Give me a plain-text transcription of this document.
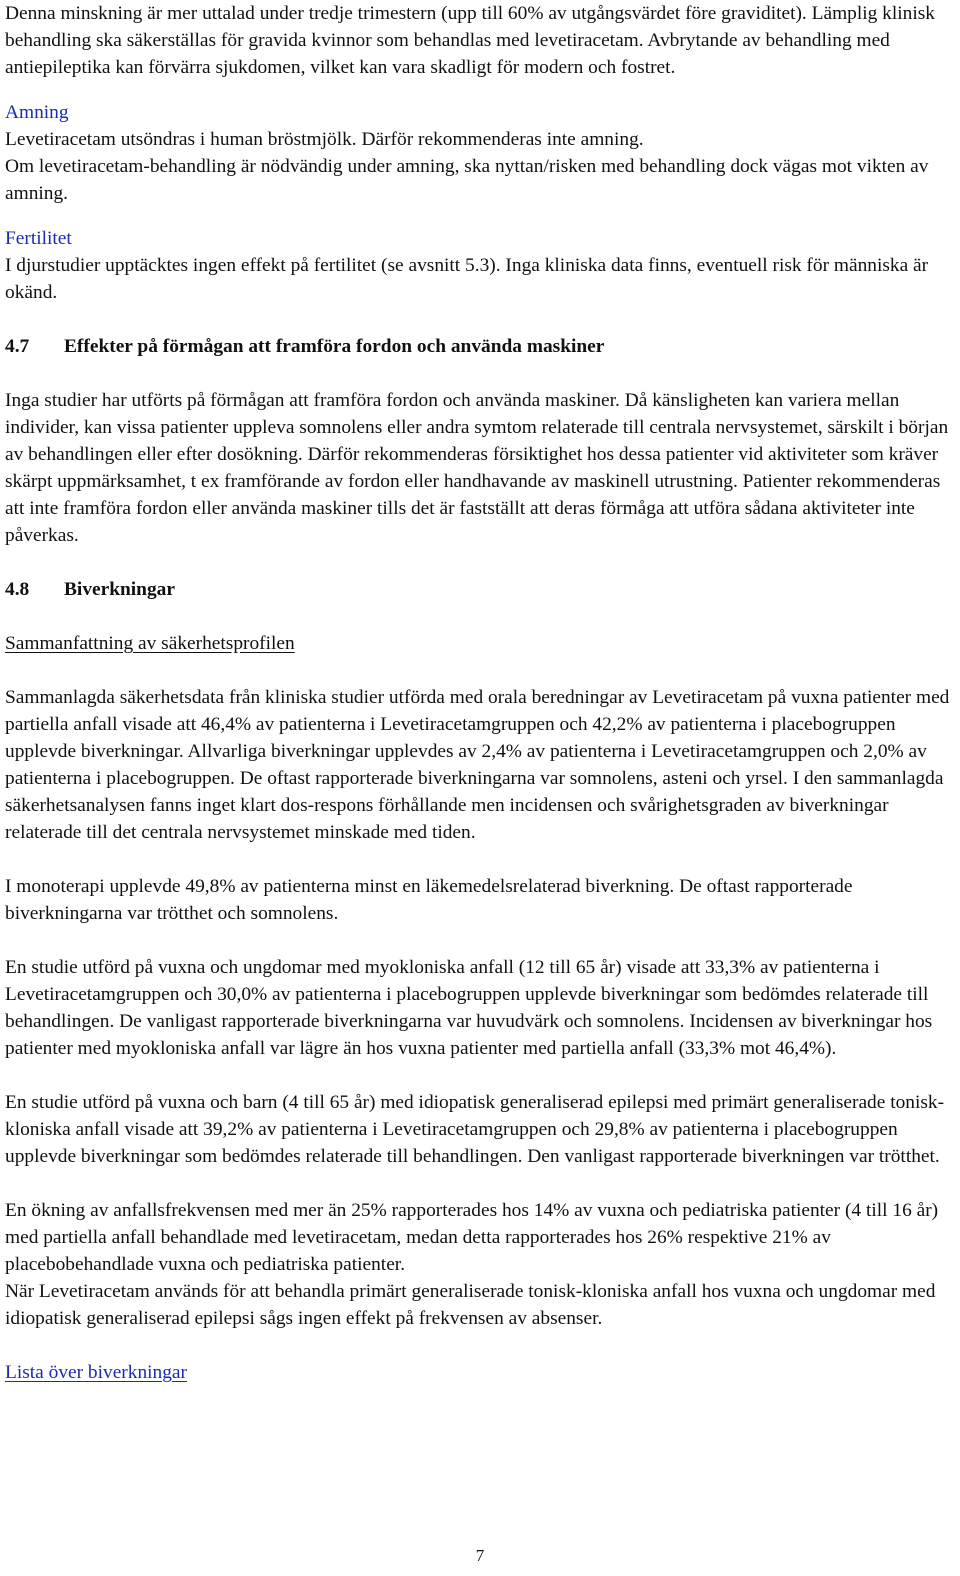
Denna minskning är mer uttalad under tredje trimestern (upp till 60% av utgångsvärdet före graviditet). Lämplig klinisk behandling ska säkerställas för gravida kvinnor som behandlas med levetiracetam. Avbrytande av behandling med antiepileptika kan förvärra sjukdomen, vilket kan vara skadligt för modern och fostret.

Amning

Levetiracetam utsöndras i human bröstmjölk. Därför rekommenderas inte amning.

Om levetiracetam-behandling är nödvändig under amning, ska nyttan/risken med behandling dock vägas mot vikten av amning.

Fertilitet

I djurstudier upptäcktes ingen effekt på fertilitet (se avsnitt 5.3). Inga kliniska data finns, eventuell risk för människa är okänd.

4.7	Effekter på förmågan att framföra fordon och använda maskiner

Inga studier har utförts på förmågan att framföra fordon och använda maskiner. Då känsligheten kan variera mellan individer, kan vissa patienter uppleva somnolens eller andra symtom relaterade till centrala nervsystemet, särskilt i början av behandlingen eller efter dosökning. Därför rekommenderas försiktighet hos dessa patienter vid aktiviteter som kräver skärpt uppmärksamhet, t ex framförande av fordon eller handhavande av maskinell utrustning. Patienter rekommenderas att inte framföra fordon eller använda maskiner tills det är fastställt att deras förmåga att utföra sådana aktiviteter inte påverkas.

4.8	Biverkningar

Sammanfattning av säkerhetsprofilen

Sammanlagda säkerhetsdata från kliniska studier utförda med orala beredningar av Levetiracetam på vuxna patienter med partiella anfall visade att 46,4% av patienterna i Levetiracetamgruppen och 42,2% av patienterna i placebogruppen upplevde biverkningar. Allvarliga biverkningar upplevdes av 2,4% av patienterna i Levetiracetamgruppen och 2,0% av patienterna i placebogruppen. De oftast rapporterade biverkningarna var somnolens, asteni och yrsel. I den sammanlagda säkerhetsanalysen fanns inget klart dos-respons förhållande men incidensen och svårighetsgraden av biverkningar relaterade till det centrala nervsystemet minskade med tiden.

I monoterapi upplevde 49,8% av patienterna minst en läkemedelsrelaterad biverkning. De oftast rapporterade biverkningarna var trötthet och somnolens.

En studie utförd på vuxna och ungdomar med myokloniska anfall (12 till 65 år) visade att 33,3% av patienterna i Levetiracetamgruppen och 30,0% av patienterna i placebogruppen upplevde biverkningar som bedömdes relaterade till behandlingen. De vanligast rapporterade biverkningarna var huvudvärk och somnolens. Incidensen av biverkningar hos patienter med myokloniska anfall var lägre än hos vuxna patienter med partiella anfall (33,3% mot 46,4%).

En studie utförd på vuxna och barn (4 till 65 år) med idiopatisk generaliserad epilepsi med primärt generaliserade tonisk-kloniska anfall visade att 39,2% av patienterna i Levetiracetamgruppen och 29,8% av patienterna i placebogruppen upplevde biverkningar som bedömdes relaterade till behandlingen. Den vanligast rapporterade biverkningen var trötthet.

En ökning av anfallsfrekvensen med mer än 25% rapporterades hos 14% av vuxna och pediatriska patienter (4 till 16 år) med partiella anfall behandlade med levetiracetam, medan detta rapporterades hos 26% respektive 21% av placebobehandlade vuxna och pediatriska patienter.

När Levetiracetam används för att behandla primärt generaliserade tonisk-kloniska anfall hos vuxna och ungdomar med idiopatisk generaliserad epilepsi sågs ingen effekt på frekvensen av absenser.

Lista över biverkningar

7
